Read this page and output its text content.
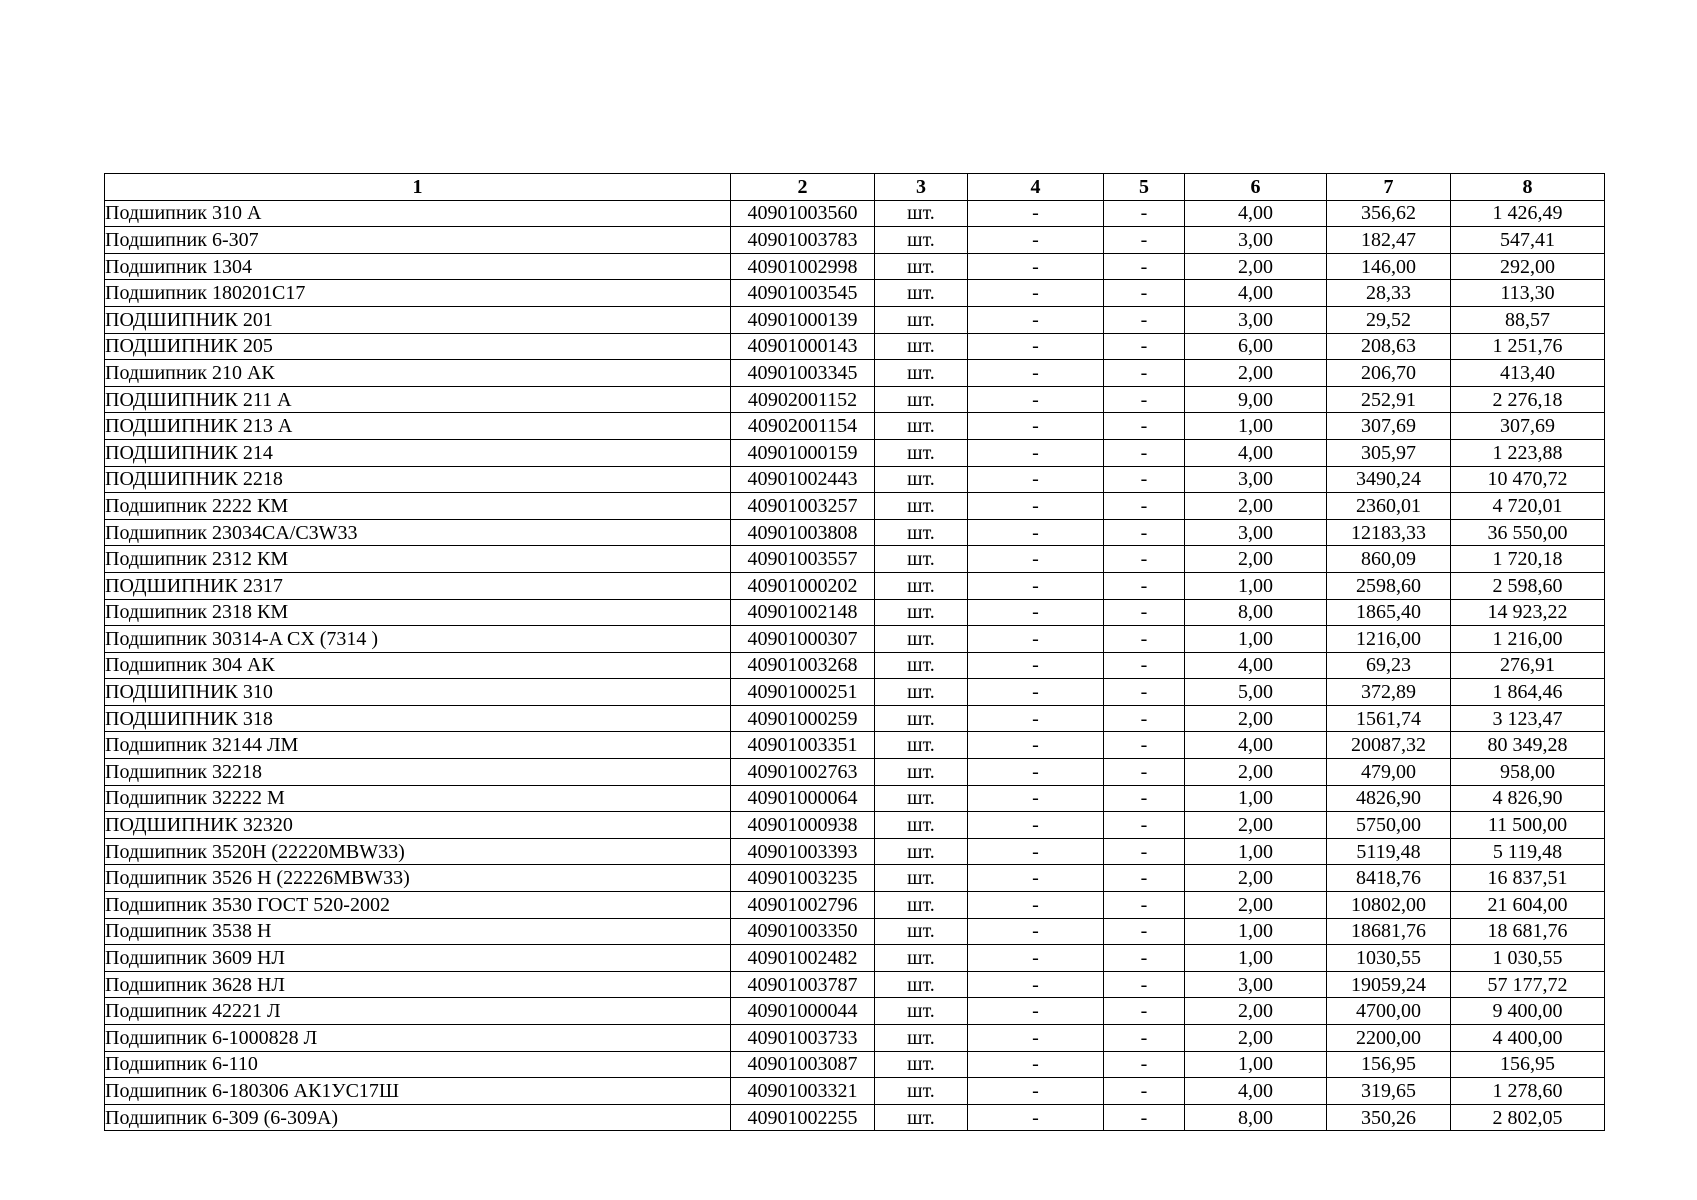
1	2	3	4	5	6	7	8
Подшипник 310 А	40901003560	шт.	-	-	4,00	356,62	1 426,49
Подшипник 6-307	40901003783	шт.	-	-	3,00	182,47	547,41
Подшипник 1304	40901002998	шт.	-	-	2,00	146,00	292,00
Подшипник 180201С17	40901003545	шт.	-	-	4,00	28,33	113,30
ПОДШИПНИК 201	40901000139	шт.	-	-	3,00	29,52	88,57
ПОДШИПНИК 205	40901000143	шт.	-	-	6,00	208,63	1 251,76
Подшипник 210 АК	40901003345	шт.	-	-	2,00	206,70	413,40
ПОДШИПНИК 211 А	40902001152	шт.	-	-	9,00	252,91	2 276,18
ПОДШИПНИК 213 А	40902001154	шт.	-	-	1,00	307,69	307,69
ПОДШИПНИК 214	40901000159	шт.	-	-	4,00	305,97	1 223,88
ПОДШИПНИК 2218	40901002443	шт.	-	-	3,00	3490,24	10 470,72
Подшипник 2222 КМ	40901003257	шт.	-	-	2,00	2360,01	4 720,01
Подшипник 23034CA/C3W33	40901003808	шт.	-	-	3,00	12183,33	36 550,00
Подшипник 2312 КМ	40901003557	шт.	-	-	2,00	860,09	1 720,18
ПОДШИПНИК 2317	40901000202	шт.	-	-	1,00	2598,60	2 598,60
Подшипник 2318 КМ	40901002148	шт.	-	-	8,00	1865,40	14 923,22
Подшипник 30314-A CX (7314 )	40901000307	шт.	-	-	1,00	1216,00	1 216,00
Подшипник 304 АК	40901003268	шт.	-	-	4,00	69,23	276,91
ПОДШИПНИК 310	40901000251	шт.	-	-	5,00	372,89	1 864,46
ПОДШИПНИК 318	40901000259	шт.	-	-	2,00	1561,74	3 123,47
Подшипник 32144 ЛМ	40901003351	шт.	-	-	4,00	20087,32	80 349,28
Подшипник 32218	40901002763	шт.	-	-	2,00	479,00	958,00
Подшипник 32222 М	40901000064	шт.	-	-	1,00	4826,90	4 826,90
ПОДШИПНИК 32320	40901000938	шт.	-	-	2,00	5750,00	11 500,00
Подшипник 3520Н (22220MBW33)	40901003393	шт.	-	-	1,00	5119,48	5 119,48
Подшипник 3526 Н (22226MBW33)	40901003235	шт.	-	-	2,00	8418,76	16 837,51
Подшипник 3530 ГОСТ 520-2002	40901002796	шт.	-	-	2,00	10802,00	21 604,00
Подшипник 3538 Н	40901003350	шт.	-	-	1,00	18681,76	18 681,76
Подшипник 3609 НЛ	40901002482	шт.	-	-	1,00	1030,55	1 030,55
Подшипник 3628 НЛ	40901003787	шт.	-	-	3,00	19059,24	57 177,72
Подшипник 42221 Л	40901000044	шт.	-	-	2,00	4700,00	9 400,00
Подшипник 6-1000828 Л	40901003733	шт.	-	-	2,00	2200,00	4 400,00
Подшипник 6-110	40901003087	шт.	-	-	1,00	156,95	156,95
Подшипник 6-180306 АК1УС17Ш	40901003321	шт.	-	-	4,00	319,65	1 278,60
Подшипник 6-309 (6-309А)	40901002255	шт.	-	-	8,00	350,26	2 802,05
